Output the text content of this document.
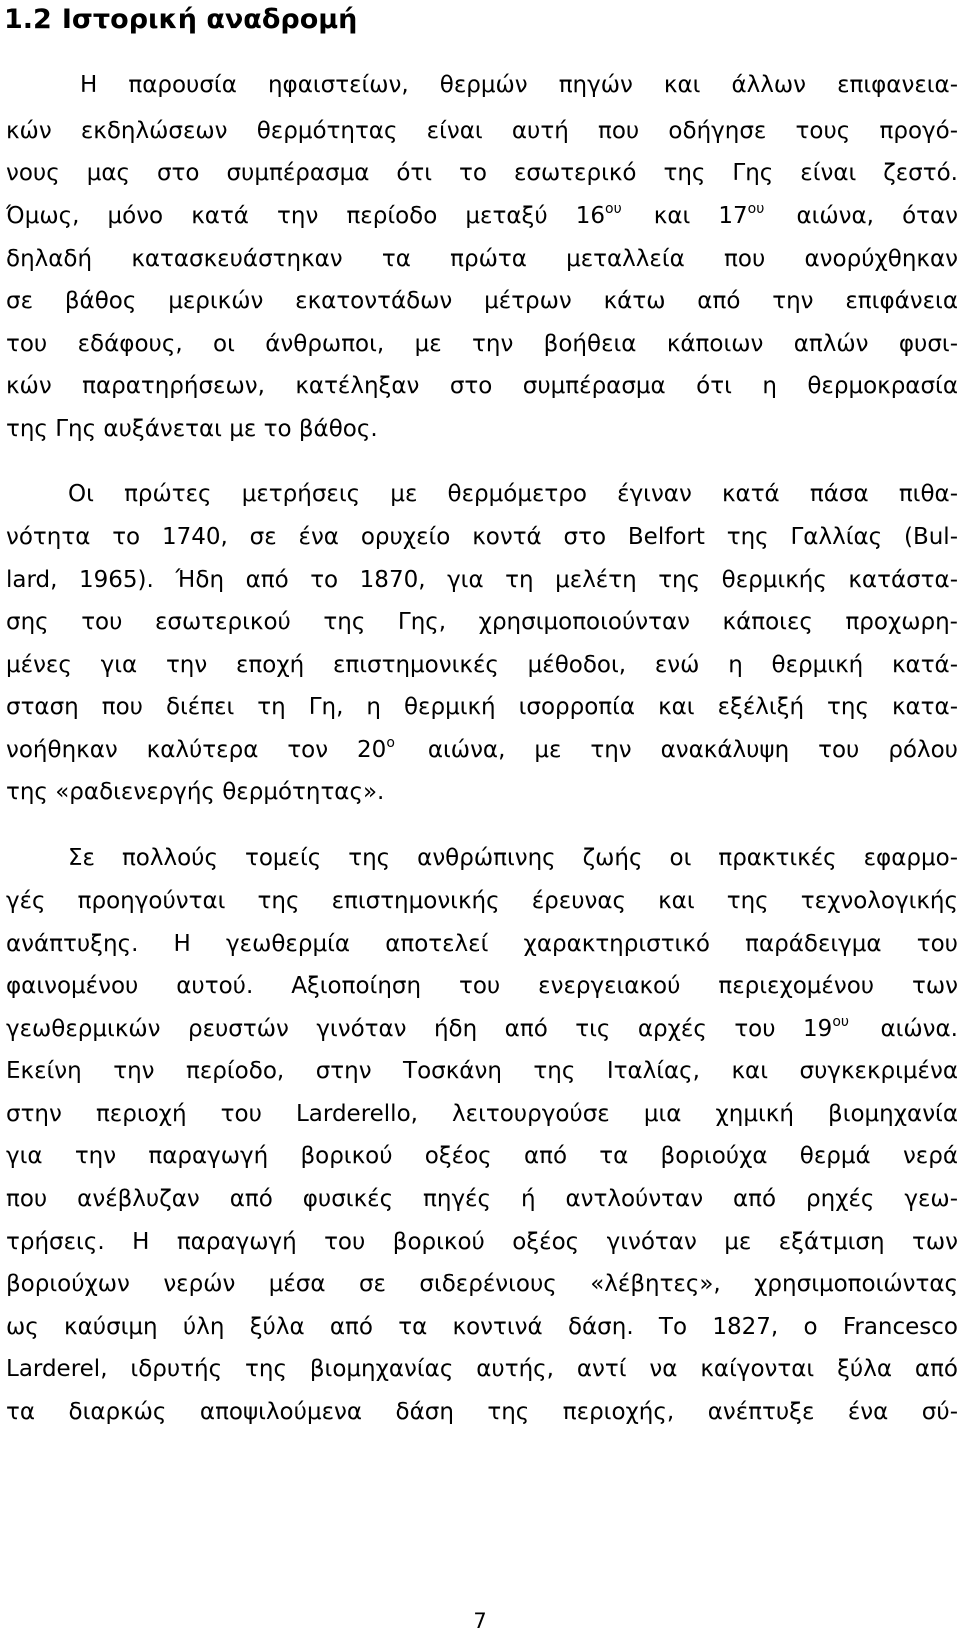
1.2 Ιστορική αναδρομή
Η παρουσία ηφαιστείων, θερμών πηγών και άλλων επιφανεια-
κών εκδηλώσεων θερμότητας είναι αυτή που οδήγησε τους προγό-
νους μας στο συμπέρασμα ότι το εσωτερικό της Γης είναι ζεστό.
Όμως, μόνο κατά την περίοδο μεταξύ $16^{o\upsilon}$ και $17^{o\upsilon}$ αιώνα, όταν
δηλαδή κατασκευάστηκαν τα πρώτα μεταλλεία που ανορύχθηκαν
σε βάθος μερικών εκατοντάδων μέτρων κάτω από την επιφάνεια
του εδάφους, οι άνθρωποι, με την βοήθεια κάποιων απλών φυσι-
κών παρατηρήσεων, κατέληξαν στο συμπέρασμα ότι η θερμοκρασία
της Γης αυξάνεται με το βάθος.
Οι πρώτες μετρήσεις με θερμόμετρο έγιναν κατά πάσα πιθα-
νότητα το 1740, σε ένα ορυχείο κοντά στο Belfort της Γαλλίας (Bul-
lard, 1965). Ήδη από το 1870, για τη μελέτη της θερμικής κατάστα-
σης του εσωτερικού της Γης, χρησιμοποιούνταν κάποιες προχωρη-
μένες για την εποχή επιστημονικές μέθοδοι, ενώ η θερμική κατά-
σταση που διέπει τη Γη, η θερμική ισορροπία και εξέλιξή της κατα-
νοήθηκαν καλύτερα τον $20^o$ αιώνα, με την ανακάλυψη του ρόλου
της «ραδιενεργής θερμότητας».
Σε πολλούς τομείς της ανθρώπινης ζωής οι πρακτικές εφαρμο-
γές προηγούνται της επιστημονικής έρευνας και της τεχνολογικής
ανάπτυξης. Η γεωθερμία αποτελεί χαρακτηριστικό παράδειγμα του
φαινομένου αυτού. Αξιοποίηση του ενεργειακού περιεχομένου των
γεωθερμικών ρευστών γινόταν ήδη από τις αρχές του $19^{o\upsilon}$ αιώνα.
Εκείνη την περίοδο, στην Τοσκάνη της Ιταλίας, και συγκεκριμένα
στην περιοχή του Larderello, λειτουργούσε μια χημική βιομηχανία
για την παραγωγή βορικού οξέος από τα βοριούχα θερμά νερά
που ανέβλυζαν από φυσικές πηγές ή αντλούνταν από ρηχές γεω-
τρήσεις. Η παραγωγή του βορικού οξέος γινόταν με εξάτμιση των
βοριούχων νερών μέσα σε σιδερένιους «λέβητες», χρησιμοποιώντας
ως καύσιμη ύλη ξύλα από τα κοντινά δάση. Το 1827, ο Francesco
Larderel, ιδρυτής της βιομηχανίας αυτής, αντί να καίγονται ξύλα από
τα διαρκώς αποψιλούμενα δάση της περιοχής, ανέπτυξε ένα σύ-
7
